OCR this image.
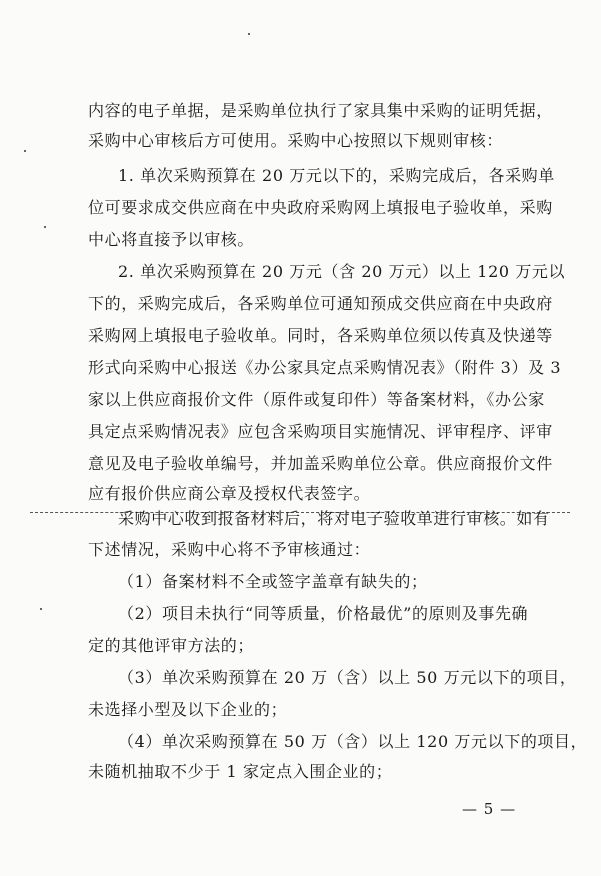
内容的电子单据，是采购单位执行了家具集中采购的证明凭据，
采购中心审核后方可使用。采购中心按照以下规则审核：
1. 单次采购预算在 20 万元以下的，采购完成后，各采购单
位可要求成交供应商在中央政府采购网上填报电子验收单，采购
中心将直接予以审核。
2. 单次采购预算在 20 万元（含 20 万元）以上 120 万元以
下的，采购完成后，各采购单位可通知预成交供应商在中央政府
采购网上填报电子验收单。同时，各采购单位须以传真及快递等
形式向采购中心报送《办公家具定点采购情况表》（附件 3）及 3
家以上供应商报价文件（原件或复印件）等备案材料，《办公家
具定点采购情况表》应包含采购项目实施情况、评审程序、评审
意见及电子验收单编号，并加盖采购单位公章。供应商报价文件
应有报价供应商公章及授权代表签字。
采购中心收到报备材料后，将对电子验收单进行审核。如有
下述情况，采购中心将不予审核通过：
（1）备案材料不全或签字盖章有缺失的；
（2）项目未执行“同等质量，价格最优”的原则及事先确
定的其他评审方法的；
（3）单次采购预算在 20 万（含）以上 50 万元以下的项目，
未选择小型及以下企业的；
（4）单次采购预算在 50 万（含）以上 120 万元以下的项目，
未随机抽取不少于 1 家定点入围企业的；
— 5 —
